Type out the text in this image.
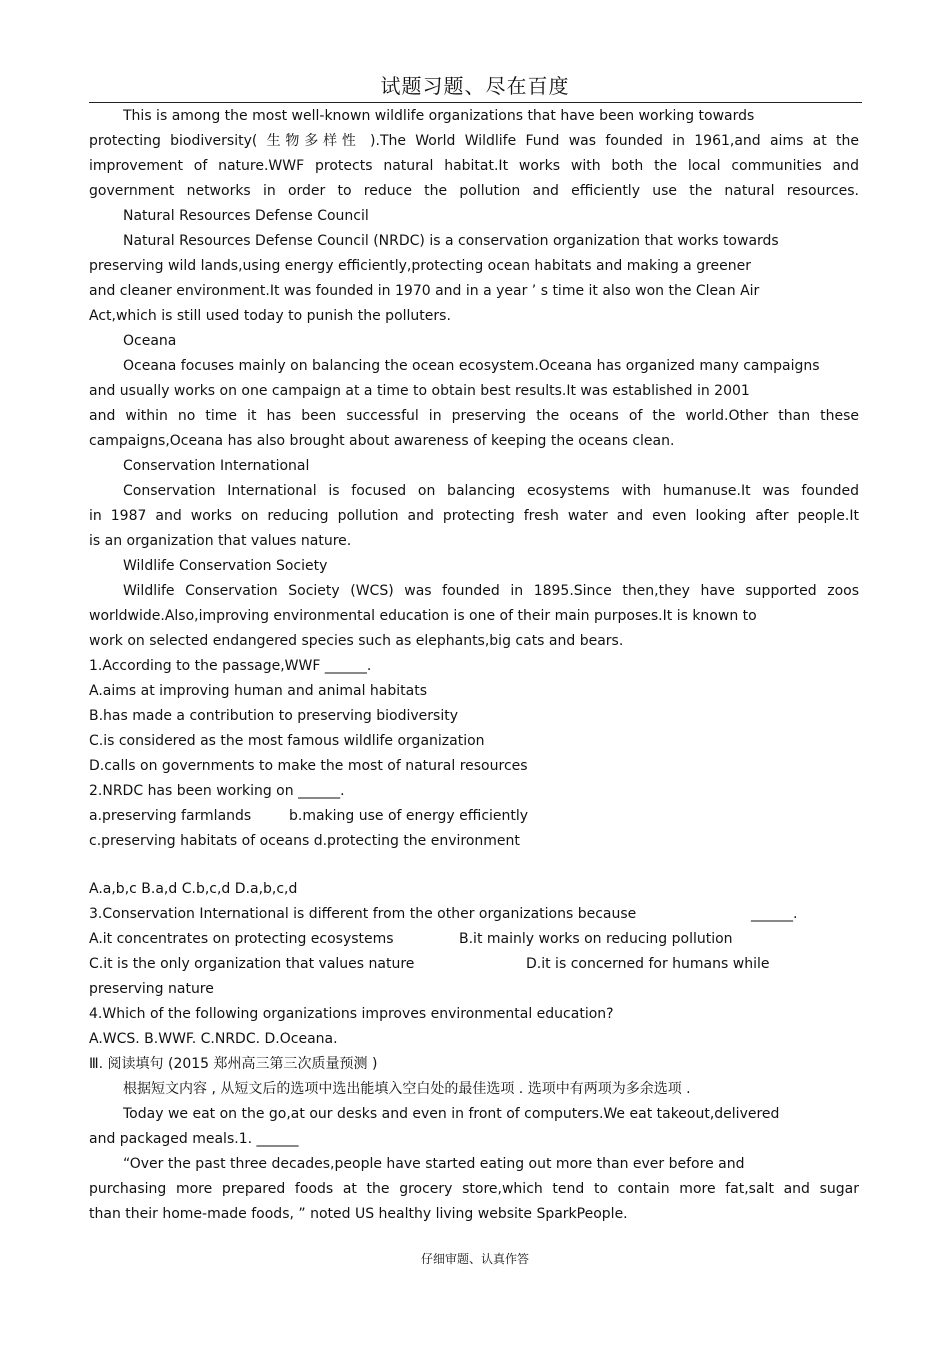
试题习题、尽在百度
This is among the most well-known wildlife organizations that have been working towards
protecting biodiversity( 生物多样性 ).The World Wildlife Fund was founded in 1961,and aims at the
improvement of nature.WWF protects natural habitat.It works with both the local communities and
government networks in order to reduce the pollution and efficiently use the natural resources.
Natural Resources Defense Council
Natural Resources Defense Council (NRDC) is a conservation organization that works towards
preserving wild lands,using energy efficiently,protecting ocean habitats and making a greener
and cleaner environment.It was founded in 1970 and in a year ’ s time it also won the Clean Air
Act,which is still used today to punish the polluters.
Oceana
Oceana focuses mainly on balancing the ocean ecosystem.Oceana has organized many campaigns
and usually works on one campaign at a time to obtain best results.It was established in 2001
and within no time it has been successful in preserving the oceans of the world.Other than these
campaigns,Oceana has also brought about awareness of keeping the oceans clean.
Conservation International
Conservation International is focused on balancing ecosystems with humanuse.It was founded
in 1987 and works on reducing pollution and protecting fresh water and even looking after people.It
is an organization that values nature.
Wildlife Conservation Society
Wildlife Conservation Society (WCS) was founded in 1895.Since then,they have supported zoos
worldwide.Also,improving environmental education is one of their main purposes.It is known to
work on selected endangered species such as elephants,big cats and bears.
1.According to the passage,WWF ______.
A.aims at improving human and animal habitats
B.has made a contribution to preserving biodiversity
C.is considered as the most famous wildlife organization
D.calls on governments to make the most of natural resources
2.NRDC has been working on ______.
a.preserving farmlands	b.making use of energy efficiently
c.preserving habitats of oceans d.protecting the environment
A.a,b,c B.a,d C.b,c,d D.a,b,c,d
3.Conservation International is different from the other organizations because	______.
A.it concentrates on protecting ecosystems	B.it mainly works on reducing pollution
C.it is the only organization that values nature	D.it is concerned for humans while
preserving nature
4.Which of the following organizations improves environmental education?
A.WCS. B.WWF. C.NRDC. D.Oceana.
Ⅲ. 阅读填句 (2015 郑州高三第三次质量预测 )
根据短文内容 , 从短文后的选项中选出能填入空白处的最佳选项 . 选项中有两项为多余选项 .
Today we eat on the go,at our desks and even in front of computers.We eat takeout,delivered
and packaged meals.1. ______
“Over the past three decades,people have started eating out more than ever before and
purchasing more prepared foods at the grocery store,which tend to contain more fat,salt and sugar
than their home-made foods, ” noted US healthy living website SparkPeople.
仔细审题、认真作答
